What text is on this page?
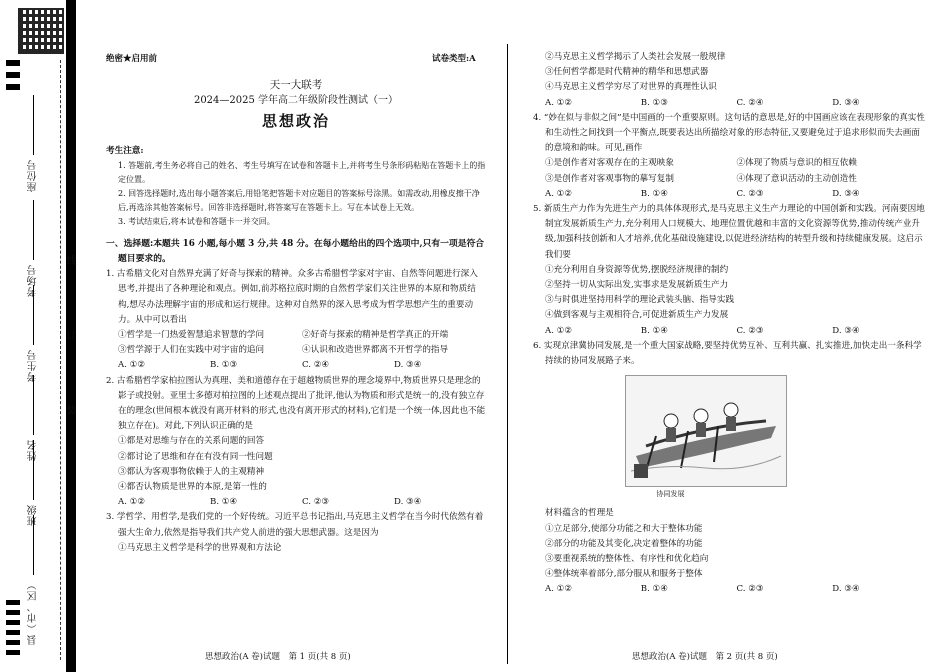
座位号
考场号
考生号
姓名
班级
县（市、区）
线
订
装
绝密★启用前	试卷类型:A
天一大联考
2024—2025 学年高二年级阶段性测试（一）
思想政治
考生注意:
1. 答题前,考生务必将自己的姓名、考生号填写在试卷和答题卡上,并将考生号条形码粘贴在答题卡上的指定位置。
2. 回答选择题时,选出每小题答案后,用铅笔把答题卡对应题目的答案标号涂黑。如需改动,用橡皮擦干净后,再选涂其他答案标号。回答非选择题时,将答案写在答题卡上。写在本试卷上无效。
3. 考试结束后,将本试卷和答题卡一并交回。
一、选择题:本题共 16 小题,每小题 3 分,共 48 分。在每小题给出的四个选项中,只有一项是符合题目要求的。
1. 古希腊文化对自然界充满了好奇与探索的精神。众多古希腊哲学家对宇宙、自然等问题进行深入思考,并提出了各种理论和观点。例如,前苏格拉底时期的自然哲学家们关注世界的本原和物质结构,想尽办法理解宇宙的形成和运行规律。这种对自然界的深入思考成为哲学思想产生的重要动力。从中可以看出
①哲学是一门热爱智慧追求智慧的学问	②好奇与探索的精神是哲学真正的开端
③哲学源于人们在实践中对宇宙的追问	④认识和改造世界都离不开哲学的指导
A. ①②	B. ①③	C. ②④	D. ③④
2. 古希腊哲学家柏拉图认为真理、美和道德存在于超越物质世界的理念境界中,物质世界只是理念的影子或投射。亚里士多德对柏拉图的上述观点提出了批评,他认为物质和形式是统一的,没有独立存在的理念(世间根本就没有离开材料的形式,也没有离开形式的材料),它们是一个统一体,因此也不能独立存在)。对此,下列认识正确的是
①都是对思维与存在的关系问题的回答
②都讨论了思维和存在有没有同一性问题
③都认为客观事物依赖于人的主观精神
④都否认物质是世界的本原,是第一性的
A. ①②	B. ①④	C. ②③	D. ③④
3. 学哲学、用哲学,是我们党的一个好传统。习近平总书记指出,马克思主义哲学在当今时代依然有着强大生命力,依然是指导我们共产党人前进的强大思想武器。这是因为
①马克思主义哲学是科学的世界观和方法论
思想政治(A 卷)试题　第 1 页(共 8 页)
②马克思主义哲学揭示了人类社会发展一般规律
③任何哲学都是时代精神的精华和思想武器
④马克思主义哲学穷尽了对世界的真理性认识
A. ①②	B. ①③	C. ②④	D. ③④
4. “妙在似与非似之间”是中国画的一个重要原则。这句话的意思是,好的中国画应该在表现形象的真实性和生动性之间找到一个平衡点,既要表达出所描绘对象的形态特征,又要避免过于追求形似而失去画面的意境和韵味。可见,画作
①是创作者对客观存在的主观映象	②体现了物质与意识的相互依赖
③是创作者对客观事物的摹写复制	④体现了意识活动的主动创造性
A. ①②	B. ①④	C. ②③	D. ③④
5. 新质生产力作为先进生产力的具体体现形式,是马克思主义生产力理论的中国创新和实践。河南要因地制宜发展新质生产力,充分利用人口规模大、地理位置优越和丰富的文化资源等优势,推动传统产业升级,加强科技创新和人才培养,优化基础设施建设,以促进经济结构的转型升级和持续健康发展。这启示我们要
①充分利用自身资源等优势,摆脱经济规律的制约
②坚持一切从实际出发,实事求是发展新质生产力
③与时俱进坚持用科学的理论武装头脑、指导实践
④做到客观与主观相符合,可促进新质生产力发展
A. ①②	B. ①④	C. ②③	D. ③④
6. 实现京津冀协同发展,是一个重大国家战略,要坚持优势互补、互利共赢、扎实推进,加快走出一条科学持续的协同发展路子来。
协同发展
材料蕴含的哲理是
①立足部分,使部分功能之和大于整体功能
②部分的功能及其变化,决定着整体的功能
③要重视系统的整体性、有序性和优化趋向
④整体统率着部分,部分服从和服务于整体
A. ①②	B. ①④	C. ②③	D. ③④
思想政治(A 卷)试题　第 2 页(共 8 页)
